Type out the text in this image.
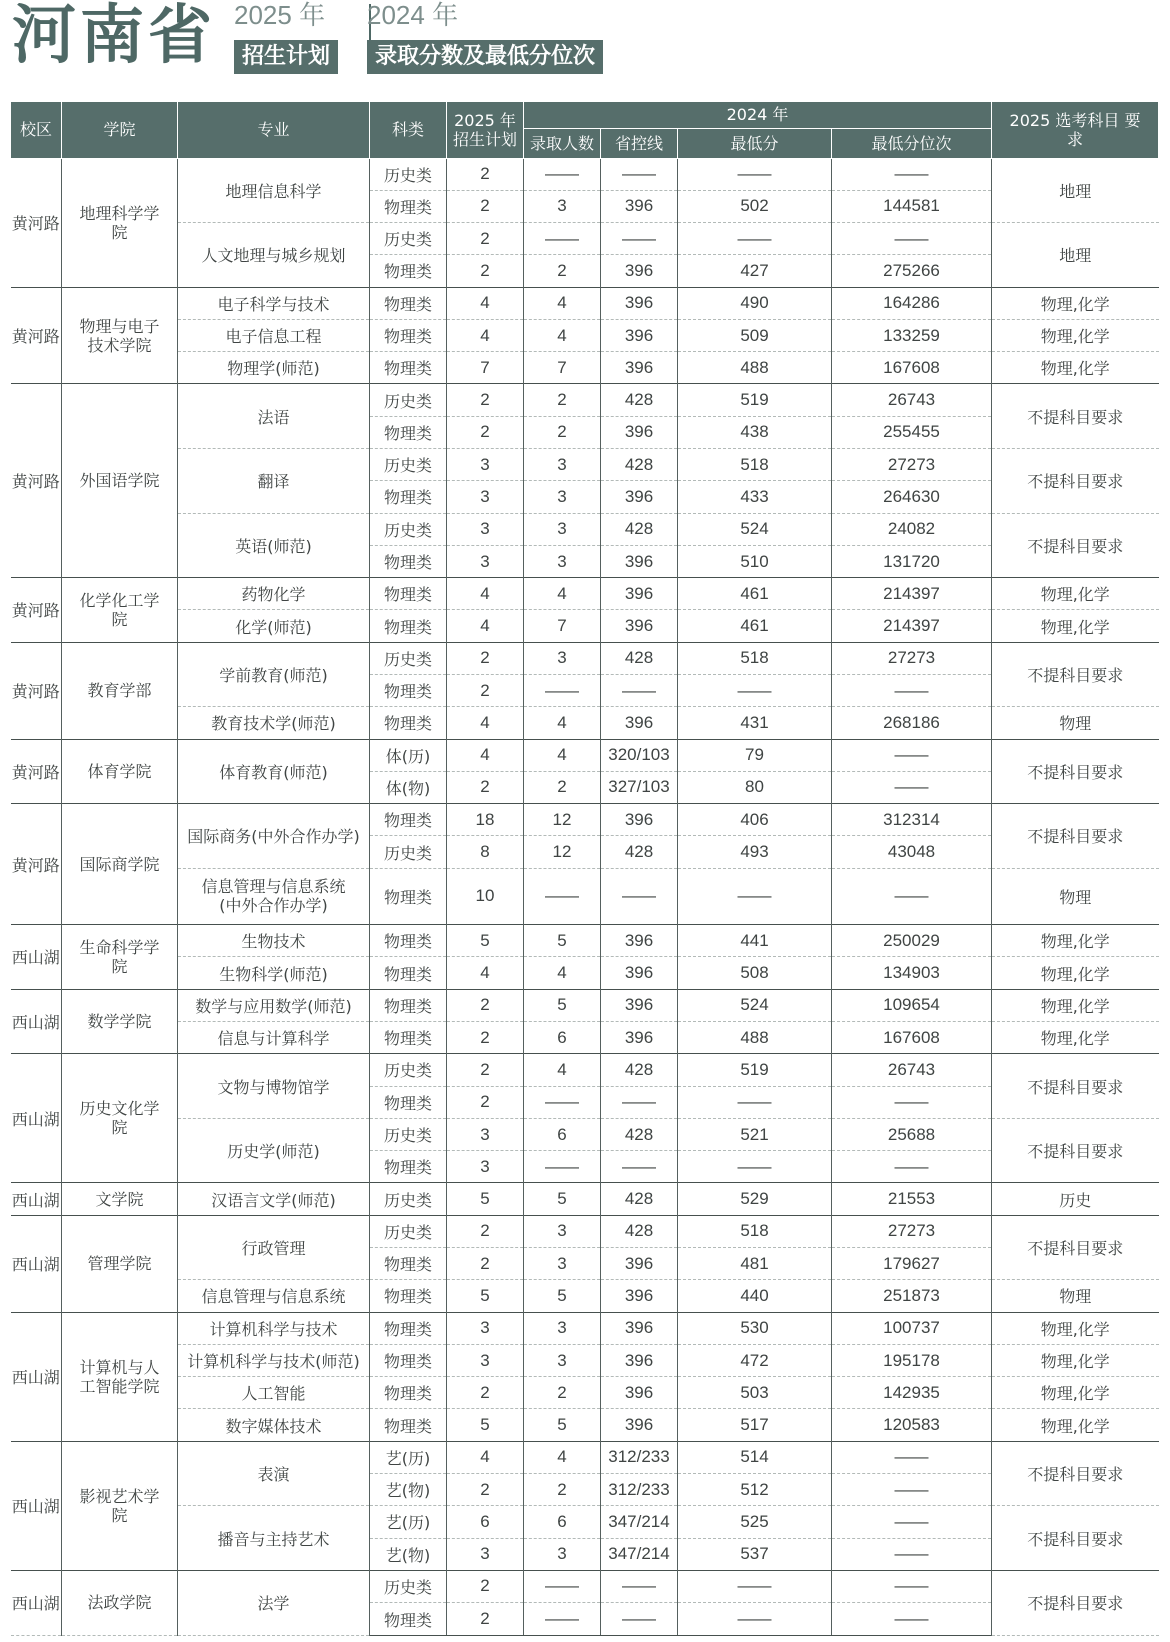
河南省 2025 年
招生计划
2024 年
录取分数及最低分位次
校区	学院	专业	科类	2025 年 招生计划	2024 年				2025 选考科目 要求
					录取人数	省控线	最低分	最低分位次	
黄河路	地理科学学院	地理信息科学	历史类	2	——	——	——	——	地理
			物理类	2	3	396	502	144581	
		人文地理与城乡规划	历史类	2	——	——	——	——	地理
			物理类	2	2	396	427	275266	
黄河路	物理与电子技术学院	电子科学与技术	物理类	4	4	396	490	164286	物理,化学
		电子信息工程	物理类	4	4	396	509	133259	物理,化学
		物理学(师范)	物理类	7	7	396	488	167608	物理,化学
黄河路	外国语学院	法语	历史类	2	2	428	519	26743	不提科目要求
			物理类	2	2	396	438	255455	
		翻译	历史类	3	3	428	518	27273	不提科目要求
			物理类	3	3	396	433	264630	
		英语(师范)	历史类	3	3	428	524	24082	不提科目要求
			物理类	3	3	396	510	131720	
黄河路	化学化工学院	药物化学	物理类	4	4	396	461	214397	物理,化学
		化学(师范)	物理类	4	7	396	461	214397	物理,化学
黄河路	教育学部	学前教育(师范)	历史类	2	3	428	518	27273	不提科目要求
			物理类	2	——	——	——	——	
		教育技术学(师范)	物理类	4	4	396	431	268186	物理
黄河路	体育学院	体育教育(师范)	体(历)	4	4	320/103	79	——	不提科目要求
			体(物)	2	2	327/103	80	——	
黄河路	国际商学院	国际商务(中外合作办学)	物理类	18	12	396	406	312314	不提科目要求
			历史类	8	12	428	493	43048	
		信息管理与信息系统(中外合作办学)	物理类	10	——	——	——	——	物理
西山湖	生命科学学院	生物技术	物理类	5	5	396	441	250029	物理,化学
		生物科学(师范)	物理类	4	4	396	508	134903	物理,化学
西山湖	数学学院	数学与应用数学(师范)	物理类	2	5	396	524	109654	物理,化学
		信息与计算科学	物理类	2	6	396	488	167608	物理,化学
西山湖	历史文化学院	文物与博物馆学	历史类	2	4	428	519	26743	不提科目要求
			物理类	2	——	——	——	——	
		历史学(师范)	历史类	3	6	428	521	25688	不提科目要求
			物理类	3	——	——	——	——	
西山湖	文学院	汉语言文学(师范)	历史类	5	5	428	529	21553	历史
西山湖	管理学院	行政管理	历史类	2	3	428	518	27273	不提科目要求
			物理类	2	3	396	481	179627	
		信息管理与信息系统	物理类	5	5	396	440	251873	物理
西山湖	计算机与人工智能学院	计算机科学与技术	物理类	3	3	396	530	100737	物理,化学
		计算机科学与技术(师范)	物理类	3	3	396	472	195178	物理,化学
		人工智能	物理类	2	2	396	503	142935	物理,化学
		数字媒体技术	物理类	5	5	396	517	120583	物理,化学
西山湖	影视艺术学院	表演	艺(历)	4	4	312/233	514	——	不提科目要求
			艺(物)	2	2	312/233	512	——	
		播音与主持艺术	艺(历)	6	6	347/214	525	——	不提科目要求
			艺(物)	3	3	347/214	537	——	
西山湖	法政学院	法学	历史类	2	——	——	——	——	不提科目要求
			物理类	2	——	——	——	——	
